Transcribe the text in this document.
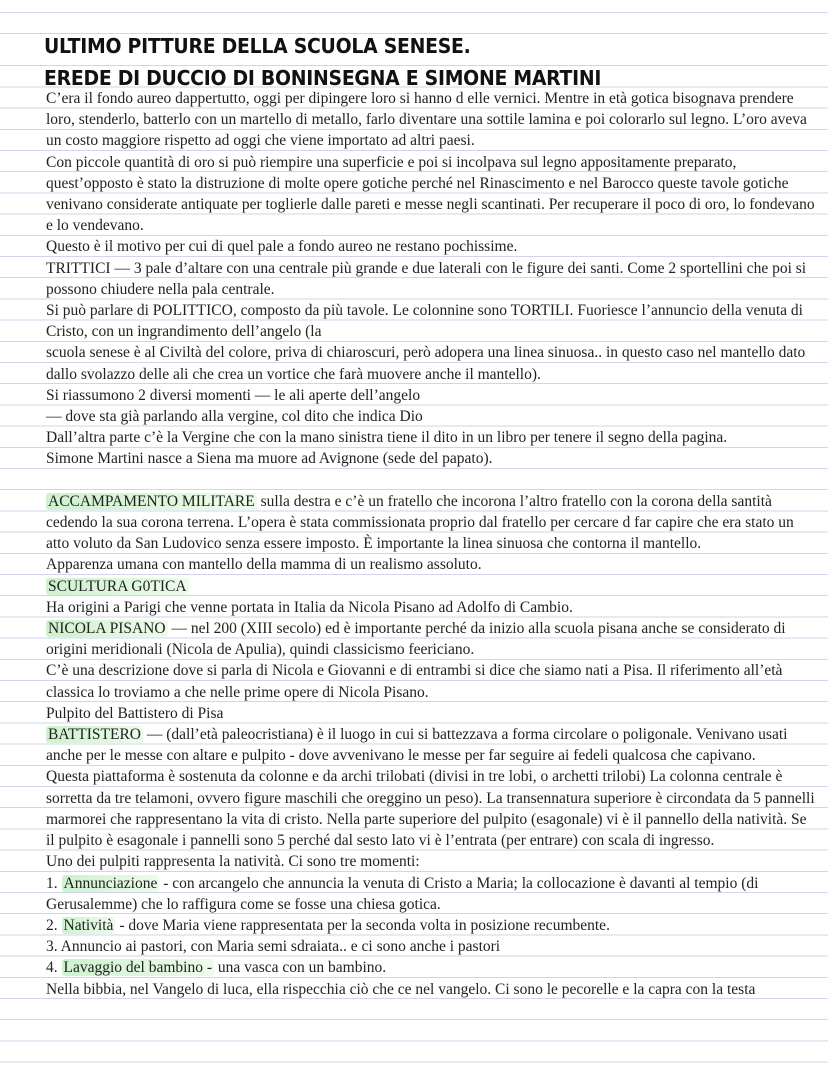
ULTIMO PITTURE DELLA SCUOLA SENESE.
EREDE DI DUCCIO DI BONINSEGNA E SIMONE MARTINI

C’era il fondo aureo dappertutto, oggi per dipingere loro si hanno d elle vernici. Mentre in età gotica bisognava prendere loro, stenderlo, batterlo con un martello di metallo, farlo diventare una sottile lamina e poi colorarlo sul legno. L’oro aveva un costo maggiore rispetto ad oggi che viene importato ad altri paesi.

Con piccole quantità di oro si può riempire una superficie e poi si incolpava sul legno appositamente preparato, quest’opposto è stato la distruzione di molte opere gotiche perché nel Rinascimento e nel Barocco queste tavole gotiche venivano considerate antiquate per toglierle dalle pareti e messe negli scantinati. Per recuperare il poco di oro, lo fondevano e lo vendevano.

Questo è il motivo per cui di quel pale a fondo aureo ne restano pochissime.

TRITTICI — 3 pale d’altare con una centrale più grande e due laterali con le figure dei santi. Come 2 sportellini che poi si possono chiudere nella pala centrale.

Si può parlare di POLITTICO, composto da più tavole. Le colonnine sono TORTILI. Fuoriesce l’annuncio della venuta di Cristo, con un ingrandimento dell’angelo (la

scuola senese è al Civiltà del colore, priva di chiaroscuri, però adopera una linea sinuosa.. in questo caso nel mantello dato dallo svolazzo delle ali che crea un vortice che farà muovere anche il mantello).

Si riassumono 2 diversi momenti — le ali aperte dell’angelo

— dove sta già parlando alla vergine, col dito che indica Dio

Dall’altra parte c’è la Vergine che con la mano sinistra tiene il dito in un libro per tenere il segno della pagina.

Simone Martini nasce a Siena ma muore ad Avignone (sede del papato).

ACCAMPAMENTO MILITARE sulla destra e c’è un fratello che incorona l’altro fratello con la corona della santità cedendo la sua corona terrena. L’opera è stata commissionata proprio dal fratello per cercare d far capire che era stato un atto voluto da San Ludovico senza essere imposto. È importante la linea sinuosa che contorna il mantello.

Apparenza umana con mantello della mamma di un realismo assoluto.

SCULTURA G0TICA

Ha origini a Parigi che venne portata in Italia da Nicola Pisano ad Adolfo di Cambio.

NICOLA PISANO — nel 200 (XIII secolo) ed è importante perché da inizio alla scuola pisana anche se considerato di origini meridionali (Nicola de Apulia), quindi classicismo feericiano.

C’è una descrizione dove si parla di Nicola e Giovanni e di entrambi si dice che siamo nati a Pisa. Il riferimento all’età classica lo troviamo a che nelle prime opere di Nicola Pisano.

Pulpito del Battistero di Pisa

BATTISTERO — (dall’età paleocristiana) è il luogo in cui si battezzava a forma circolare o poligonale. Venivano usati anche per le messe con altare e pulpito - dove avvenivano le messe per far seguire ai fedeli qualcosa che capivano.

Questa piattaforma è sostenuta da colonne e da archi trilobati (divisi in tre lobi, o archetti trilobi) La colonna centrale è sorretta da tre telamoni, ovvero figure maschili che oreggino un peso). La transennatura superiore è circondata da 5 pannelli marmorei che rappresentano la vita di cristo. Nella parte superiore del pulpito (esagonale) vi è il pannello della natività. Se il pulpito è esagonale i pannelli sono 5 perché dal sesto lato vi è l’entrata (per entrare) con scala di ingresso.

Uno dei pulpiti rappresenta la natività. Ci sono tre momenti:

1. Annunciazione - con arcangelo che annuncia la venuta di Cristo a Maria; la collocazione è davanti al tempio (di Gerusalemme) che lo raffigura come se fosse una chiesa gotica.

2. Natività - dove Maria viene rappresentata per la seconda volta in posizione recumbente.

3. Annuncio ai pastori, con Maria semi sdraiata.. e ci sono anche i pastori

4. Lavaggio del bambino - una vasca con un bambino.

Nella bibbia, nel Vangelo di luca, ella rispecchia ciò che ce nel vangelo. Ci sono le pecorelle e la capra con la testa
